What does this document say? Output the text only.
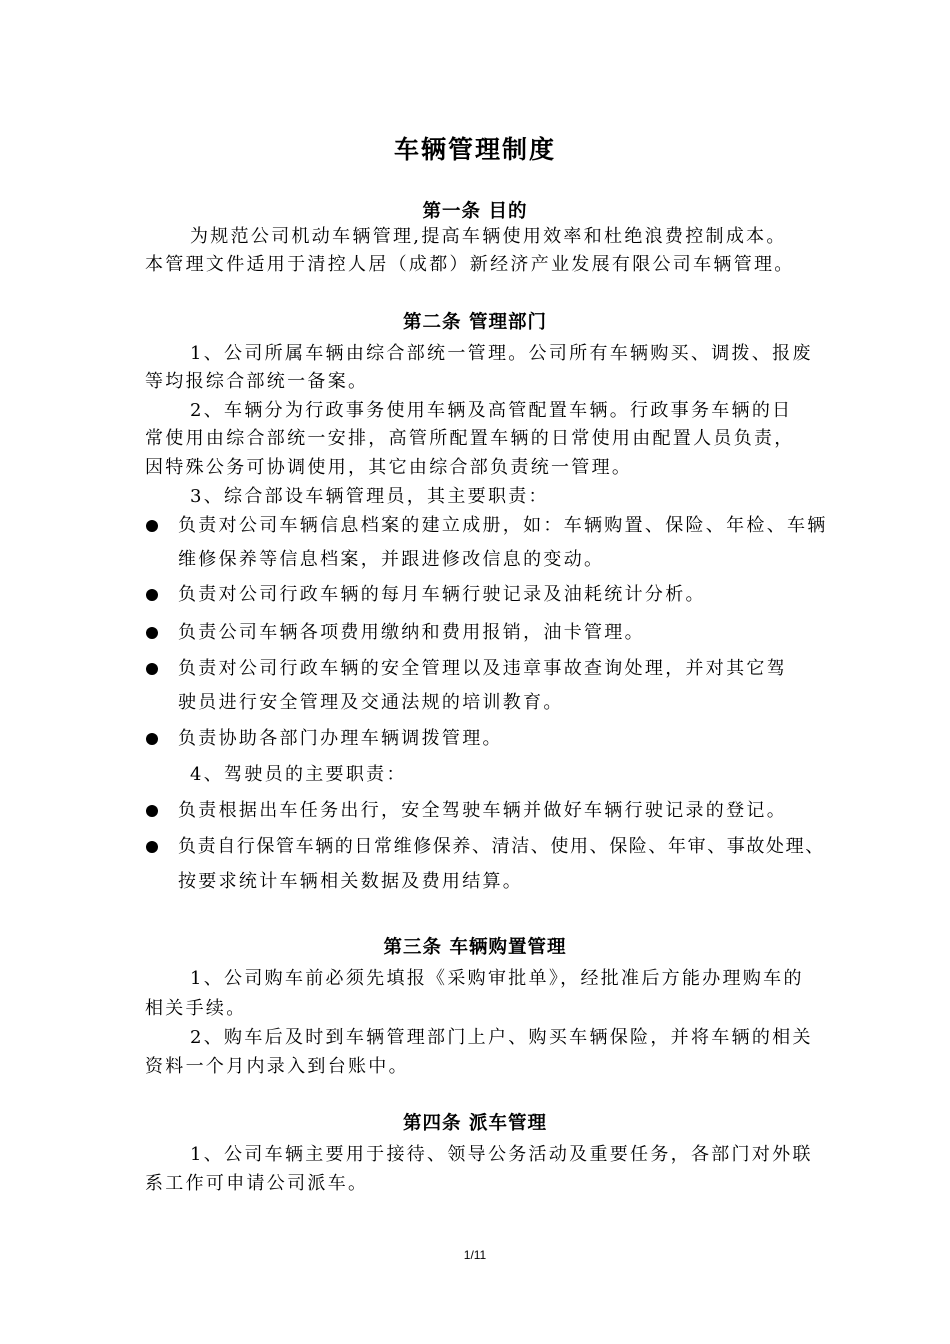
车辆管理制度
第一条 目的
为规范公司机动车辆管理,提高车辆使用效率和杜绝浪费控制成本。
本管理文件适用于清控人居（成都）新经济产业发展有限公司车辆管理。
第二条 管理部门
1、公司所属车辆由综合部统一管理。公司所有车辆购买、调拨、报废
等均报综合部统一备案。
2、车辆分为行政事务使用车辆及高管配置车辆。行政事务车辆的日
常使用由综合部统一安排，高管所配置车辆的日常使用由配置人员负责，
因特殊公务可协调使用，其它由综合部负责统一管理。
3、综合部设车辆管理员，其主要职责：
负责对公司车辆信息档案的建立成册，如：车辆购置、保险、年检、车辆
维修保养等信息档案，并跟进修改信息的变动。
负责对公司行政车辆的每月车辆行驶记录及油耗统计分析。
负责公司车辆各项费用缴纳和费用报销，油卡管理。
负责对公司行政车辆的安全管理以及违章事故查询处理，并对其它驾
驶员进行安全管理及交通法规的培训教育。
负责协助各部门办理车辆调拨管理。
4、驾驶员的主要职责：
负责根据出车任务出行，安全驾驶车辆并做好车辆行驶记录的登记。
负责自行保管车辆的日常维修保养、清洁、使用、保险、年审、事故处理、
按要求统计车辆相关数据及费用结算。
第三条 车辆购置管理
1、公司购车前必须先填报《采购审批单》，经批准后方能办理购车的
相关手续。
2、购车后及时到车辆管理部门上户、购买车辆保险，并将车辆的相关
资料一个月内录入到台账中。
第四条 派车管理
1、公司车辆主要用于接待、领导公务活动及重要任务，各部门对外联
系工作可申请公司派车。
1/11
